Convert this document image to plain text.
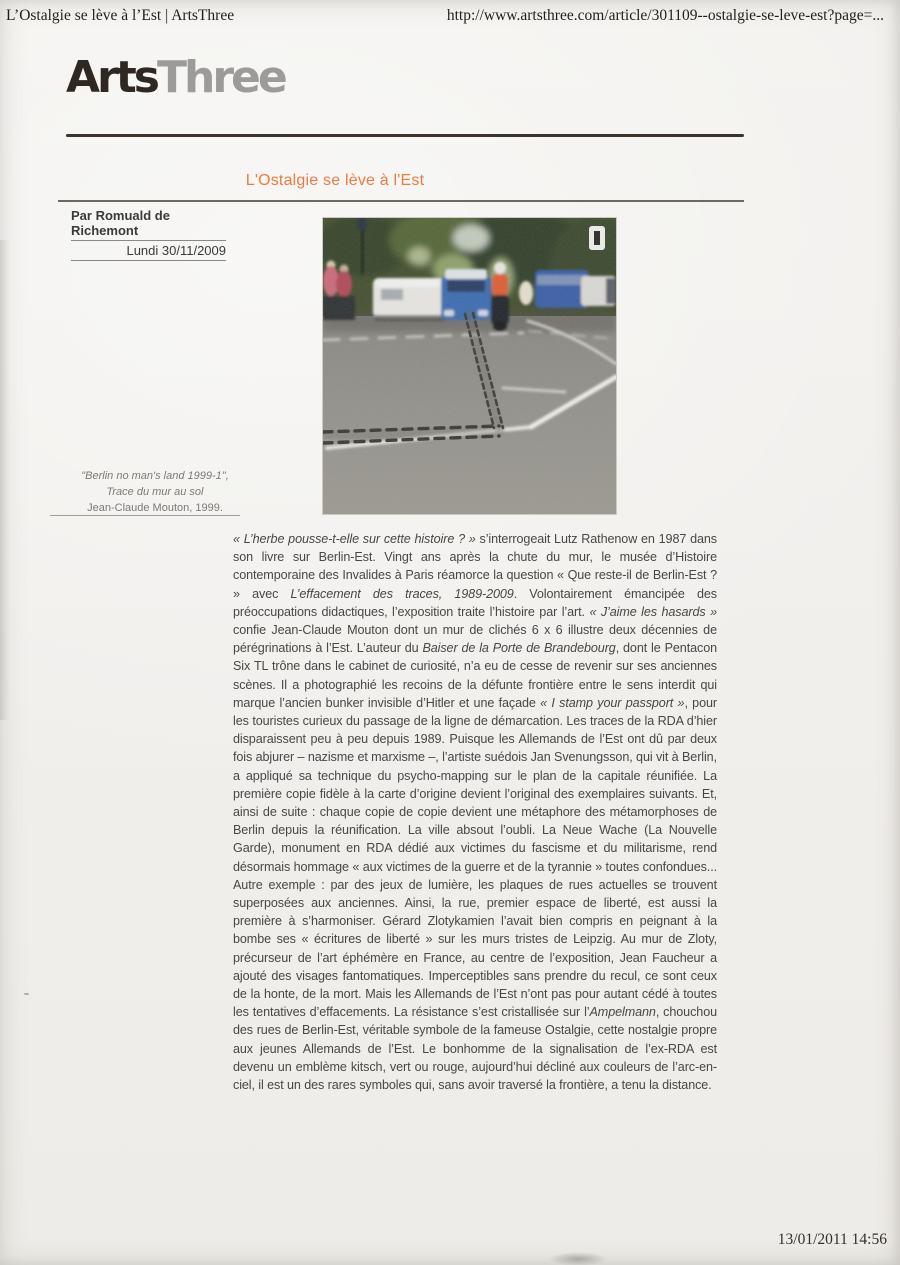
L’Ostalgie se lève à l’Est | ArtsThree	http://www.artsthree.com/article/301109--ostalgie-se-leve-est?page=...
ArtsThree
L'Ostalgie se lève à l'Est
Par Romuald de Richemont
Lundi 30/11/2009
"Berlin no man's land 1999-1",
Trace du mur au sol
Jean-Claude Mouton, 1999.
« L’herbe pousse-t-elle sur cette histoire ? » s’interrogeait Lutz Rathenow en 1987 dans son livre sur Berlin-Est. Vingt ans après la chute du mur, le musée d’Histoire contemporaine des Invalides à Paris réamorce la question « Que reste-il de Berlin-Est ? » avec L’effacement des traces, 1989-2009. Volontairement émancipée des préoccupations didactiques, l’exposition traite l’histoire par l’art. « J’aime les hasards » confie Jean-Claude Mouton dont un mur de clichés 6 x 6 illustre deux décennies de pérégrinations à l’Est. L’auteur du Baiser de la Porte de Brandebourg, dont le Pentacon Six TL trône dans le cabinet de curiosité, n’a eu de cesse de revenir sur ses anciennes scènes. Il a photographié les recoins de la défunte frontière entre le sens interdit qui marque l’ancien bunker invisible d’Hitler et une façade « I stamp your passport », pour les touristes curieux du passage de la ligne de démarcation. Les traces de la RDA d’hier disparaissent peu à peu depuis 1989. Puisque les Allemands de l’Est ont dû par deux fois abjurer – nazisme et marxisme –, l’artiste suédois Jan Svenungsson, qui vit à Berlin, a appliqué sa technique du psycho-mapping sur le plan de la capitale réunifiée. La première copie fidèle à la carte d’origine devient l’original des exemplaires suivants. Et, ainsi de suite : chaque copie de copie devient une métaphore des métamorphoses de Berlin depuis la réunification. La ville absout l’oubli. La Neue Wache (La Nouvelle Garde), monument en RDA dédié aux victimes du fascisme et du militarisme, rend désormais hommage « aux victimes de la guerre et de la tyrannie » toutes confondues... Autre exemple : par des jeux de lumière, les plaques de rues actuelles se trouvent superposées aux anciennes. Ainsi, la rue, premier espace de liberté, est aussi la première à s’harmoniser. Gérard Zlotykamien l’avait bien compris en peignant à la bombe ses « écritures de liberté » sur les murs tristes de Leipzig. Au mur de Zloty, précurseur de l’art éphémère en France, au centre de l’exposition, Jean Faucheur a ajouté des visages fantomatiques. Imperceptibles sans prendre du recul, ce sont ceux de la honte, de la mort. Mais les Allemands de l’Est n’ont pas pour autant cédé à toutes les tentatives d’effacements. La résistance s’est cristallisée sur l’Ampelmann, chouchou des rues de Berlin-Est, véritable symbole de la fameuse Ostalgie, cette nostalgie propre aux jeunes Allemands de l’Est. Le bonhomme de la signalisation de l’ex-RDA est devenu un emblème kitsch, vert ou rouge, aujourd’hui décliné aux couleurs de l’arc-en-ciel, il est un des rares symboles qui, sans avoir traversé la frontière, a tenu la distance.
13/01/2011 14:56
